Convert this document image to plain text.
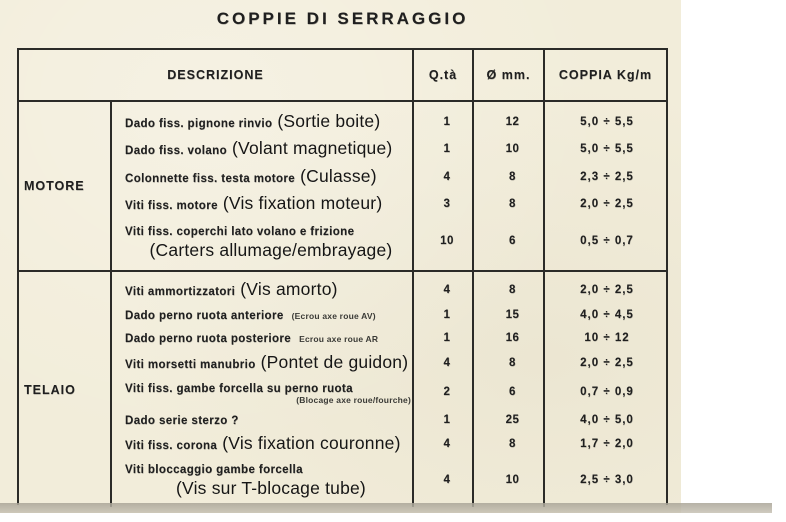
COPPIE DI SERRAGGIO
DESCRIZIONE	Q.tà	Ø mm.	COPPIA Kg/m
MOTORE
Dado fiss. pignone rinvio (Sortie boite)	1	12	5,0 ÷ 5,5
Dado fiss. volano (Volant magnetique)	1	10	5,0 ÷ 5,5
Colonnette fiss. testa motore (Culasse)	4	8	2,3 ÷ 2,5
Viti fiss. motore (Vis fixation moteur)	3	8	2,0 ÷ 2,5
Viti fiss. coperchi lato volano e frizione
(Carters allumage/embrayage)	10	6	0,5 ÷ 0,7
TELAIO
Viti ammortizzatori (Vis amorto)	4	8	2,0 ÷ 2,5
Dado perno ruota anteriore (Ecrou axe roue AV)	1	15	4,0 ÷ 4,5
Dado perno ruota posteriore Ecrou axe roue AR	1	16	10 ÷ 12
Viti morsetti manubrio (Pontet de guidon)	4	8	2,0 ÷ 2,5
Viti fiss. gambe forcella su perno ruota
(Blocage axe roue/fourche)
2	6	0,7 ÷ 0,9
Dado serie sterzo ?	1	25	4,0 ÷ 5,0
Viti fiss. corona (Vis fixation couronne)	4	8	1,7 ÷ 2,0
Viti bloccaggio gambe forcella
(Vis sur T-blocage tube)	4	10	2,5 ÷ 3,0
